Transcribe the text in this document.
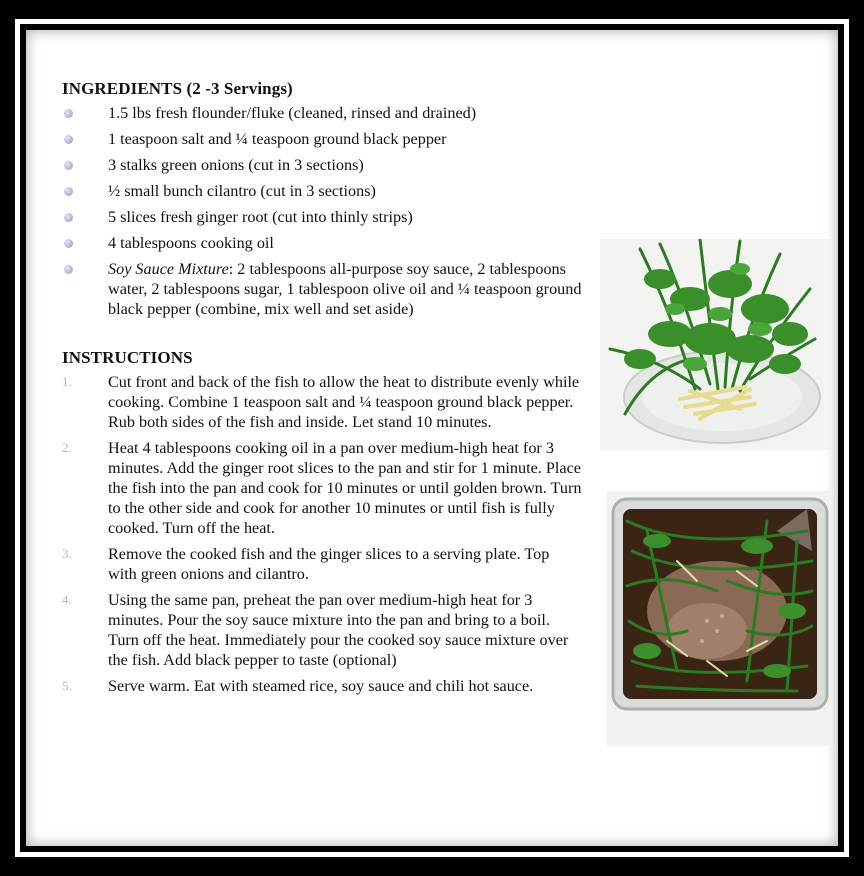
INGREDIENTS (2 -3 Servings)
1.5 lbs fresh flounder/fluke (cleaned, rinsed and drained)
1 teaspoon salt and ¼ teaspoon ground black pepper
3 stalks green onions (cut in 3 sections)
½ small bunch cilantro (cut in 3 sections)
5 slices fresh ginger root (cut into thinly strips)
4 tablespoons cooking oil
Soy Sauce Mixture: 2 tablespoons all-purpose soy sauce, 2 tablespoons water, 2 tablespoons sugar, 1 tablespoon olive oil and ¼ teaspoon ground black pepper (combine, mix well and set aside)
INSTRUCTIONS
1. Cut front and back of the fish to allow the heat to distribute evenly while cooking. Combine 1 teaspoon salt and ¼ teaspoon ground black pepper. Rub both sides of the fish and inside. Let stand 10 minutes.
2. Heat 4 tablespoons cooking oil in a pan over medium-high heat for 3 minutes. Add the ginger root slices to the pan and stir for 1 minute. Place the fish into the pan and cook for 10 minutes or until golden brown. Turn to the other side and cook for another 10 minutes or until fish is fully cooked. Turn off the heat.
3. Remove the cooked fish and the ginger slices to a serving plate. Top with green onions and cilantro.
4. Using the same pan, preheat the pan over medium-high heat for 3 minutes. Pour the soy sauce mixture into the pan and bring to a boil. Turn off the heat. Immediately pour the cooked soy sauce mixture over the fish. Add black pepper to taste (optional)
5. Serve warm. Eat with steamed rice, soy sauce and chili hot sauce.
